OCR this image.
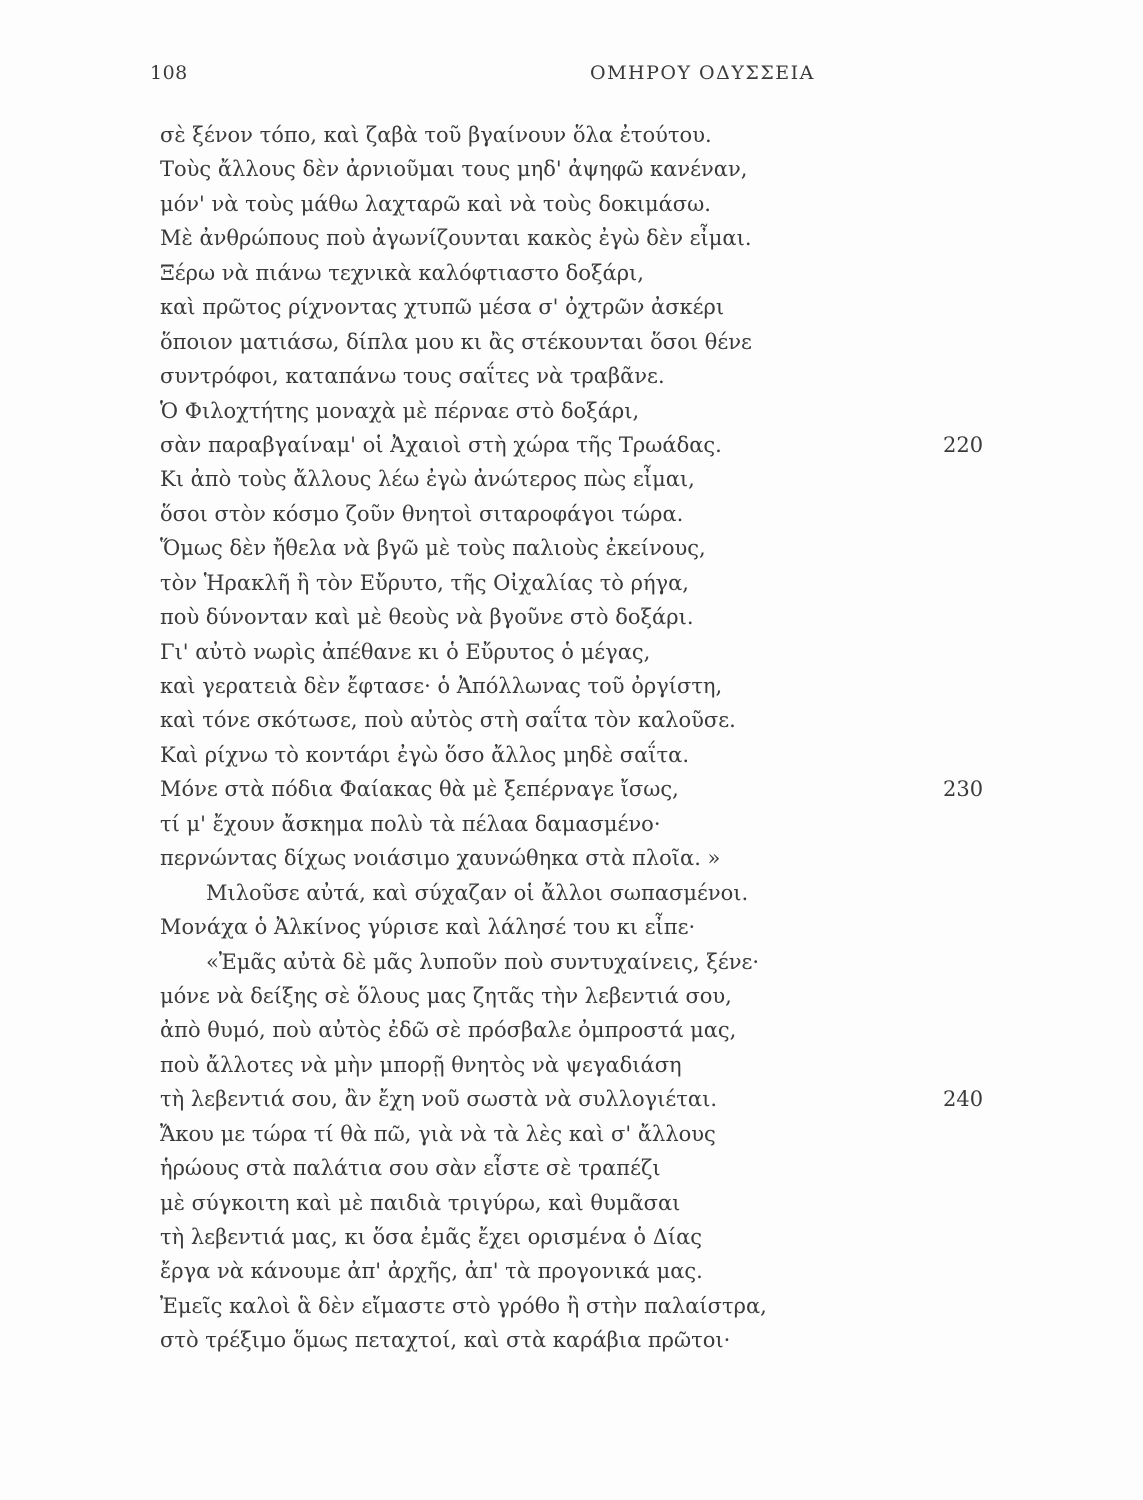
108	ΟΜΗΡΟΥ ΟΔΥΣΣΕΙΑ
σὲ ξένον τόπο, καὶ ζαβὰ τοῦ βγαίνουν ὅλα ἐτούτου.
Τοὺς ἄλλους δὲν ἀρνιοῦμαι τους μηδ' ἀψηφῶ κανέναν,
μόν' νὰ τοὺς μάθω λαχταρῶ καὶ νὰ τοὺς δοκιμάσω.
Μὲ ἀνθρώπους ποὺ ἀγωνίζουνται κακὸς ἐγὼ δὲν εἶμαι.
Ξέρω νὰ πιάνω τεχνικὰ καλόφτιαστο δοξάρι,
καὶ πρῶτος ρίχνοντας χτυπῶ μέσα σ' ὀχτρῶν ἀσκέρι
ὅποιον ματιάσω, δίπλα μου κι ἂς στέκουνται ὅσοι θένε
συντρόφοι, καταπάνω τους σαΐτες νὰ τραβᾶνε.
Ὁ Φιλοχτήτης μοναχὰ μὲ πέρναε στὸ δοξάρι,
σὰν παραβγαίναμ' οἱ Ἀχαιοὶ στὴ χώρα τῆς Τρωάδας.	220
Κι ἀπὸ τοὺς ἄλλους λέω ἐγὼ ἀνώτερος πὼς εἶμαι,
ὅσοι στὸν κόσμο ζοῦν θνητοὶ σιταροφάγοι τώρα.
Ὅμως δὲν ἤθελα νὰ βγῶ μὲ τοὺς παλιοὺς ἐκείνους,
τὸν Ἡρακλῆ ἢ τὸν Εὔρυτο, τῆς Οἰχαλίας τὸ ρήγα,
ποὺ δύνονταν καὶ μὲ θεοὺς νὰ βγοῦνε στὸ δοξάρι.
Γι' αὐτὸ νωρὶς ἀπέθανε κι ὁ Εὔρυτος ὁ μέγας,
καὶ γερατειὰ δὲν ἔφτασε· ὁ Ἀπόλλωνας τοῦ ὀργίστη,
καὶ τόνε σκότωσε, ποὺ αὐτὸς στὴ σαΐτα τὸν καλοῦσε.
Καὶ ρίχνω τὸ κοντάρι ἐγὼ ὅσο ἄλλος μηδὲ σαΐτα.
Μόνε στὰ πόδια Φαίακας θὰ μὲ ξεπέρναγε ἴσως,	230
τί μ' ἔχουν ἄσκημα πολὺ τὰ πέλαα δαμασμένο·
περνώντας δίχως νοιάσιμο χαυνώθηκα στὰ πλοῖα. »
Μιλοῦσε αὐτά, καὶ σύχαζαν οἱ ἄλλοι σωπασμένοι.
Μονάχα ὁ Ἀλκίνος γύρισε καὶ λάλησέ του κι εἶπε·
«Ἐμᾶς αὐτὰ δὲ μᾶς λυποῦν ποὺ συντυχαίνεις, ξένε·
μόνε νὰ δείξης σὲ ὅλους μας ζητᾶς τὴν λεβεντιά σου,
ἀπὸ θυμό, ποὺ αὐτὸς ἐδῶ σὲ πρόσβαλε ὀμπροστά μας,
ποὺ ἄλλοτες νὰ μὴν μπορῇ θνητὸς νὰ ψεγαδιάση
τὴ λεβεντιά σου, ἂν ἔχη νοῦ σωστὰ νὰ συλλογιέται.	240
Ἄκου με τώρα τί θὰ πῶ, γιὰ νὰ τὰ λὲς καὶ σ' ἄλλους
ἡρώους στὰ παλάτια σου σὰν εἶστε σὲ τραπέζι
μὲ σύγκοιτη καὶ μὲ παιδιὰ τριγύρω, καὶ θυμᾶσαι
τὴ λεβεντιά μας, κι ὅσα ἐμᾶς ἔχει ορισμένα ὁ Δίας
ἔργα νὰ κάνουμε ἀπ' ἀρχῆς, ἀπ' τὰ προγονικά μας.
Ἐμεῖς καλοὶ ἃ δὲν εἴμαστε στὸ γρόθο ἢ στὴν παλαίστρα,
στὸ τρέξιμο ὅμως πεταχτοί, καὶ στὰ καράβια πρῶτοι·
